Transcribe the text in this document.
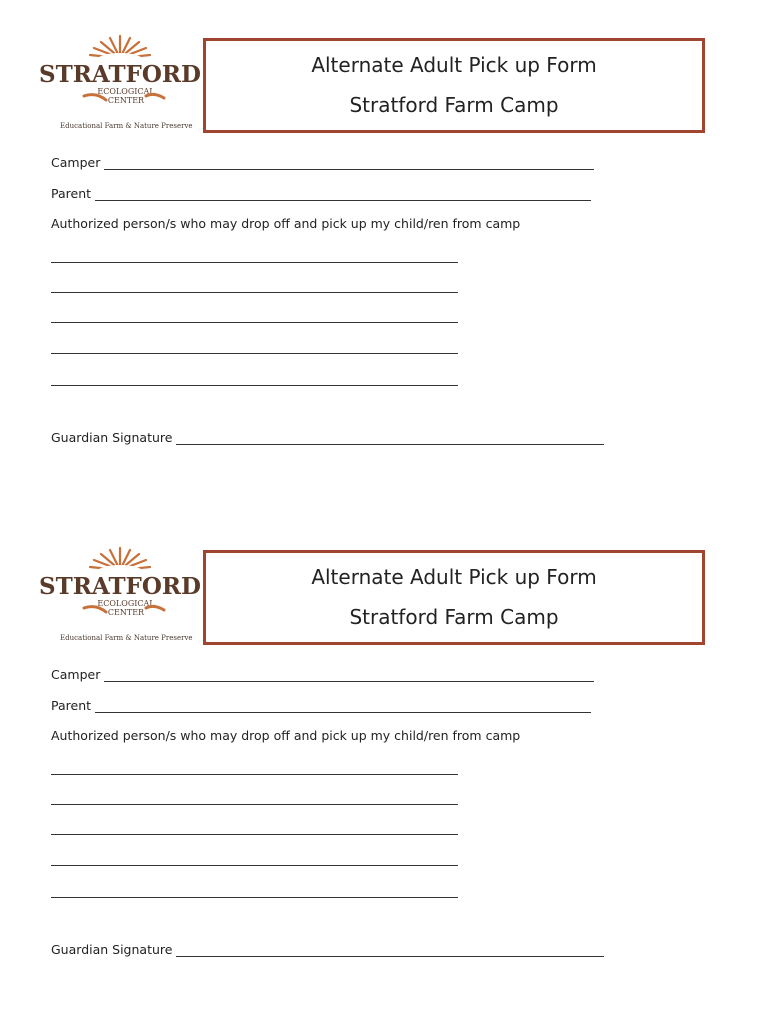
STRATFORD
ECOLOGICAL
CENTER
Educational Farm & Nature Preserve
Alternate Adult Pick up Form
Stratford Farm Camp
Camper
Parent
Authorized person/s who may drop off and pick up my child/ren from camp
Guardian Signature
STRATFORD
ECOLOGICAL
CENTER
Educational Farm & Nature Preserve
Alternate Adult Pick up Form
Stratford Farm Camp
Camper
Parent
Authorized person/s who may drop off and pick up my child/ren from camp
Guardian Signature
